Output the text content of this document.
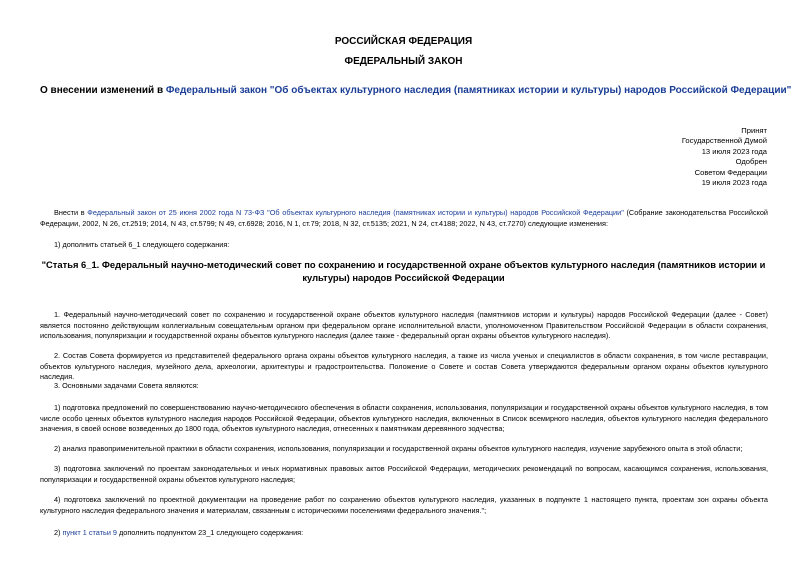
РОССИЙСКАЯ ФЕДЕРАЦИЯ
ФЕДЕРАЛЬНЫЙ ЗАКОН
О внесении изменений в Федеральный закон "Об объектах культурного наследия (памятниках истории и культуры) народов Российской Федерации"
Принят
Государственной Думой
13 июля 2023 года
Одобрен
Советом Федерации
19 июля 2023 года
Внести в Федеральный закон от 25 июня 2002 года N 73-ФЗ "Об объектах культурного наследия (памятниках истории и культуры) народов Российской Федерации" (Собрание законодательства Российской Федерации, 2002, N 26, ст.2519; 2014, N 43, ст.5799; N 49, ст.6928; 2016, N 1, ст.79; 2018, N 32, ст.5135; 2021, N 24, ст.4188; 2022, N 43, ст.7270) следующие изменения:
1) дополнить статьей 6_1 следующего содержания:
"Статья 6_1. Федеральный научно-методический совет по сохранению и государственной охране объектов культурного наследия (памятников истории и культуры) народов Российской Федерации
1. Федеральный научно-методический совет по сохранению и государственной охране объектов культурного наследия (памятников истории и культуры) народов Российской Федерации (далее - Совет) является постоянно действующим коллегиальным совещательным органом при федеральном органе исполнительной власти, уполномоченном Правительством Российской Федерации в области сохранения, использования, популяризации и государственной охраны объектов культурного наследия (далее также - федеральный орган охраны объектов культурного наследия).
2. Состав Совета формируется из представителей федерального органа охраны объектов культурного наследия, а также из числа ученых и специалистов в области сохранения, в том числе реставрации, объектов культурного наследия, музейного дела, археологии, архитектуры и градостроительства. Положение о Совете и состав Совета утверждаются федеральным органом охраны объектов культурного наследия.
3. Основными задачами Совета являются:
1) подготовка предложений по совершенствованию научно-методического обеспечения в области сохранения, использования, популяризации и государственной охраны объектов культурного наследия, в том числе особо ценных объектов культурного наследия народов Российской Федерации, объектов культурного наследия, включенных в Список всемирного наследия, объектов культурного наследия федерального значения, в своей основе возведенных до 1800 года, объектов культурного наследия, отнесенных к памятникам деревянного зодчества;
2) анализ правоприменительной практики в области сохранения, использования, популяризации и государственной охраны объектов культурного наследия, изучение зарубежного опыта в этой области;
3) подготовка заключений по проектам законодательных и иных нормативных правовых актов Российской Федерации, методических рекомендаций по вопросам, касающимся сохранения, использования, популяризации и государственной охраны объектов культурного наследия;
4) подготовка заключений по проектной документации на проведение работ по сохранению объектов культурного наследия, указанных в подпункте 1 настоящего пункта, проектам зон охраны объекта культурного наследия федерального значения и материалам, связанным с историческими поселениями федерального значения.";
2) пункт 1 статьи 9 дополнить подпунктом 23_1 следующего содержания:
